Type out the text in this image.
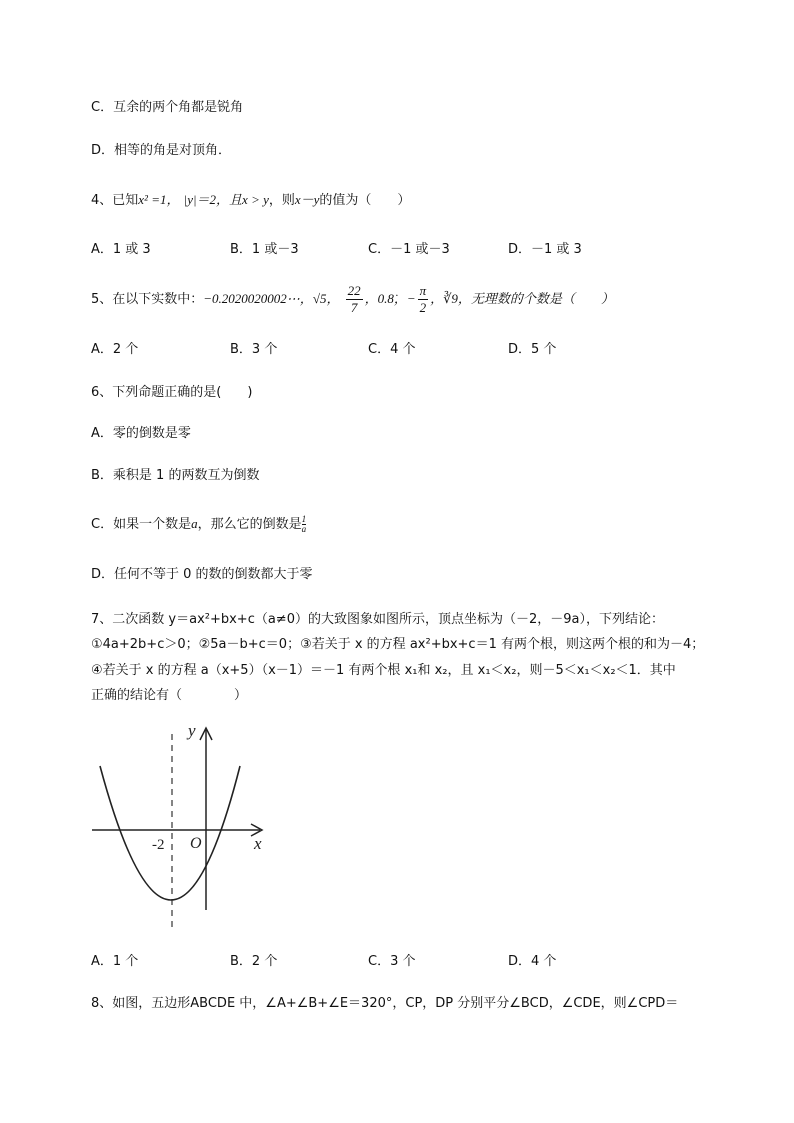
C．互余的两个角都是锐角
D．相等的角是对顶角．
4、已知x² =1， |y|＝2，且x > y，则x－y的值为（　　）
A．1 或 3	B．1 或－3	C．－1 或－3	D．－1 或 3
5、在以下实数中：−0.2020020002⋯，√5， $\frac{22}{7}$ ，0.8̇，− $\frac{\pi}{2}$ ，∛9，无理数的个数是（　　）
A．2 个	B．3 个	C．4 个	D．5 个
6、下列命题正确的是(　　)
A．零的倒数是零
B．乘积是 1 的两数互为倒数
C．如果一个数是a，那么它的倒数是 $\frac{1}{a}$
D．任何不等于 0 的数的倒数都大于零
7、二次函数 y＝ax²+bx+c（a≠0）的大致图象如图所示，顶点坐标为（－2，－9a），下列结论：
①4a+2b+c＞0；②5a－b+c＝0；③若关于 x 的方程 ax²+bx+c＝1 有两个根，则这两个根的和为－4；
④若关于 x 的方程 a（x+5）（x－1）＝－1 有两个根 x₁和 x₂，且 x₁＜x₂，则－5＜x₁＜x₂＜1．其中
正确的结论有（　　　　）
y
x
O
-2
A．1 个	B．2 个	C．3 个	D．4 个
8、如图，五边形ABCDE 中，∠A+∠B+∠E＝320°，CP，DP 分别平分∠BCD，∠CDE，则∠CPD＝
